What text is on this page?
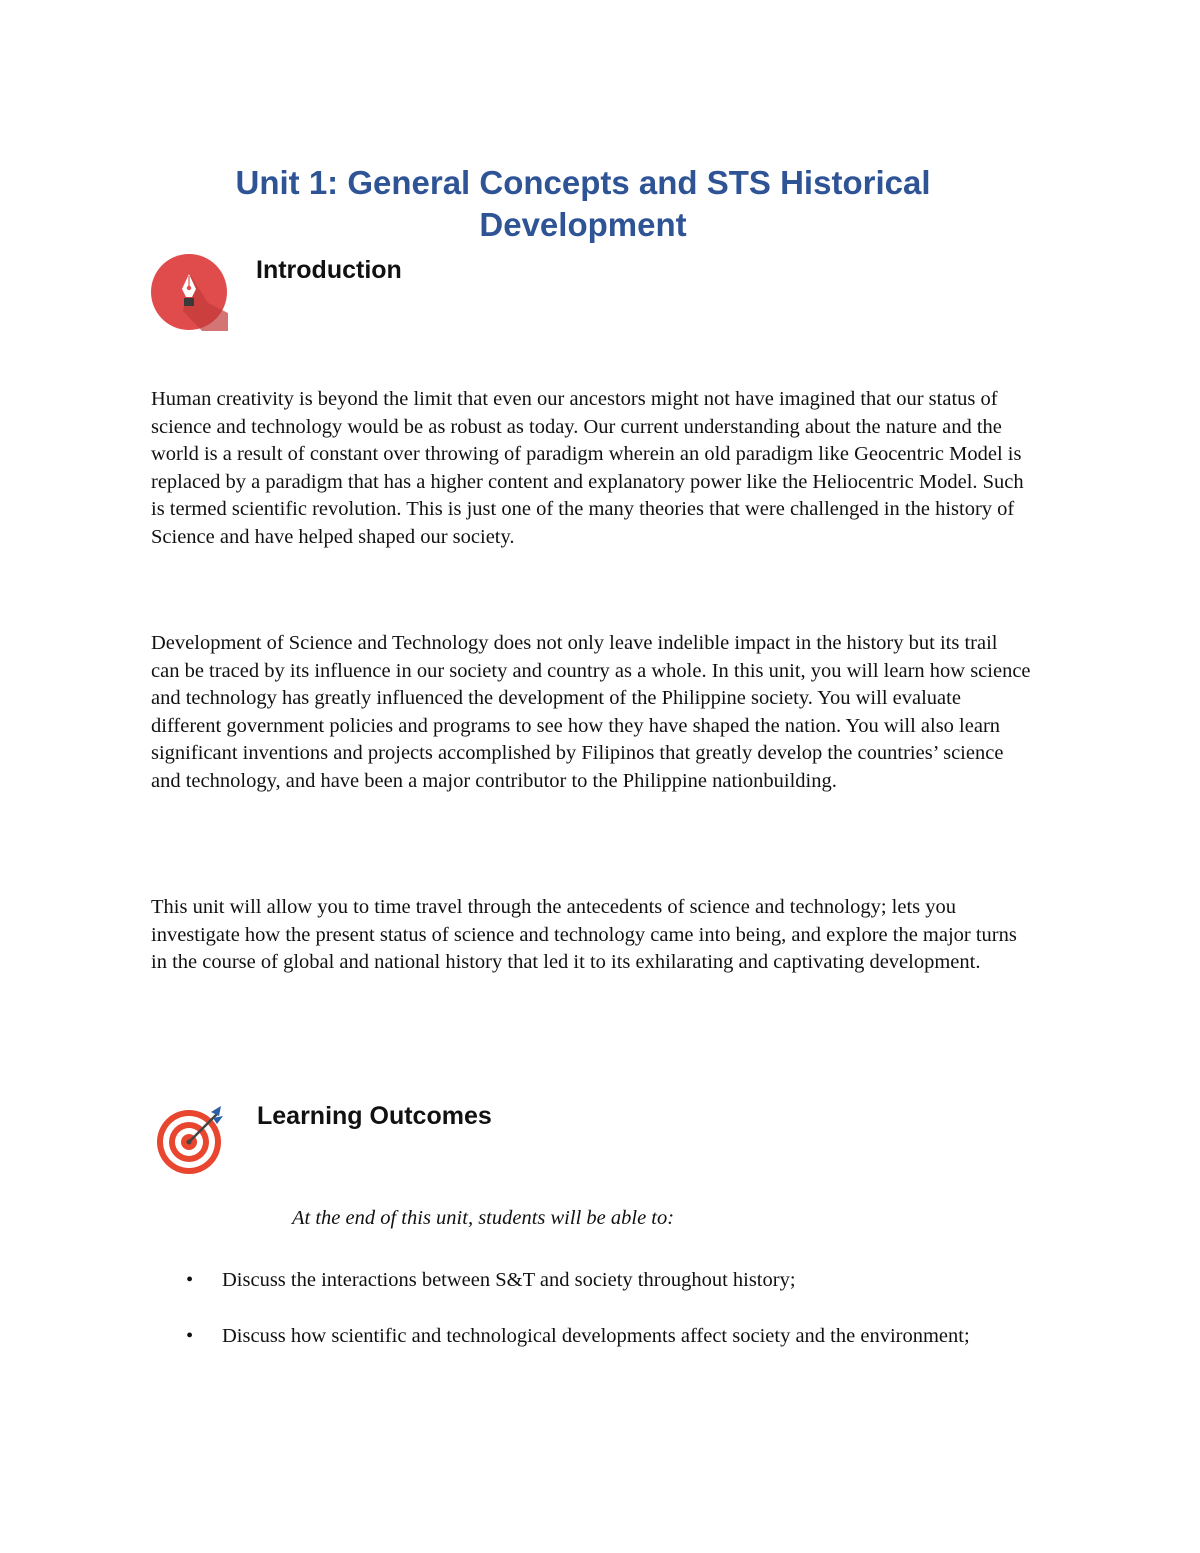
Unit 1: General Concepts and STS Historical Development
Introduction

Human creativity is beyond the limit that even our ancestors might not have imagined that our status of science and technology would be as robust as today. Our current understanding about the nature and the world is a result of constant over throwing of paradigm wherein an old paradigm like Geocentric Model is replaced by a paradigm that has a higher content and explanatory power like the Heliocentric Model. Such is termed scientific revolution. This is just one of the many theories that were challenged in the history of Science and have helped shaped our society.

Development of Science and Technology does not only leave indelible impact in the history but its trail can be traced by its influence in our society and country as a whole. In this unit, you will learn how science and technology has greatly influenced the development of the Philippine society. You will evaluate different government policies and programs to see how they have shaped the nation. You will also learn significant inventions and projects accomplished by Filipinos that greatly develop the countries’ science and technology, and have been a major contributor to the Philippine nationbuilding.

This unit will allow you to time travel through the antecedents of science and technology; lets you investigate how the present status of science and technology came into being, and explore the major turns in the course of global and national history that led it to its exhilarating and captivating development.

Learning Outcomes
At the end of this unit, students will be able to:
• Discuss the interactions between S&T and society throughout history;
• Discuss how scientific and technological developments affect society and the environment;
